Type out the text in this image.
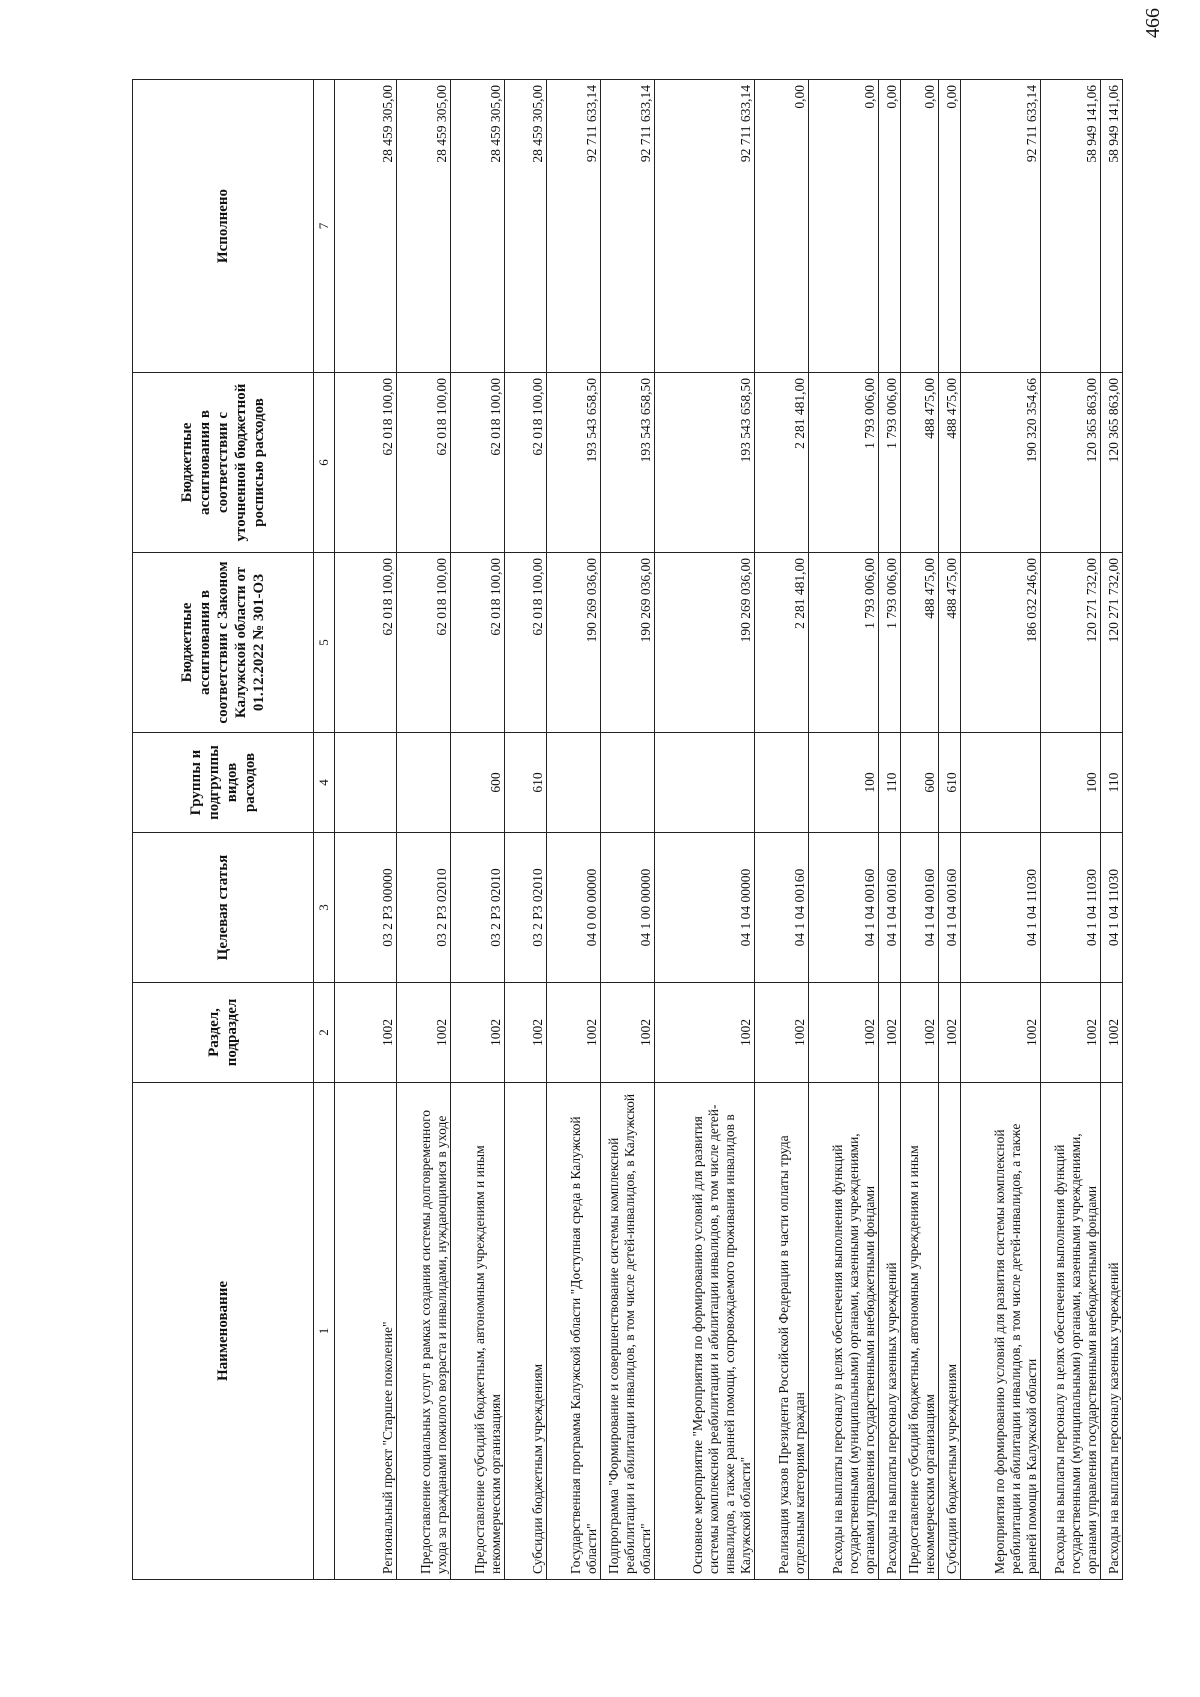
Наименование	Раздел, подраздел	Целевая статья	Группы и подгруппы видов расходов	Бюджетные ассигнования в соответствии с Законом Калужской области от 01.12.2022 № 301-ОЗ	Бюджетные ассигнования в соответствии с уточненной бюджетной росписью расходов	Исполнено
1	2	3	4	5	6	7
Региональный проект "Старшее поколение"	1002	03 2 P3 00000		62 018 100,00	62 018 100,00	28 459 305,00
Предоставление социальных услуг в рамках создания системы долговременного ухода за гражданами пожилого возраста и инвалидами, нуждающимися в уходе	1002	03 2 P3 02010		62 018 100,00	62 018 100,00	28 459 305,00
Предоставление субсидий бюджетным, автономным учреждениям и иным некоммерческим организациям	1002	03 2 P3 02010	600	62 018 100,00	62 018 100,00	28 459 305,00
Субсидии бюджетным учреждениям	1002	03 2 P3 02010	610	62 018 100,00	62 018 100,00	28 459 305,00
Государственная программа Калужской области "Доступная среда в Калужской области"	1002	04 0 00 00000		190 269 036,00	193 543 658,50	92 711 633,14
Подпрограмма "Формирование и совершенствование системы комплексной реабилитации и абилитации инвалидов, в том числе детей-инвалидов, в Калужской области"	1002	04 1 00 00000		190 269 036,00	193 543 658,50	92 711 633,14
Основное мероприятие "Мероприятия по формированию условий для развития системы комплексной реабилитации и абилитации инвалидов, в том числе детей-инвалидов, а также ранней помощи, сопровождаемого проживания инвалидов в Калужской области"	1002	04 1 04 00000		190 269 036,00	193 543 658,50	92 711 633,14
Реализация указов Президента Российской Федерации в части оплаты труда отдельным категориям граждан	1002	04 1 04 00160		2 281 481,00	2 281 481,00	0,00
Расходы на выплаты персоналу в целях обеспечения выполнения функций государственными (муниципальными) органами, казенными учреждениями, органами управления государственными внебюджетными фондами	1002	04 1 04 00160	100	1 793 006,00	1 793 006,00	0,00
Расходы на выплаты персоналу казенных учреждений	1002	04 1 04 00160	110	1 793 006,00	1 793 006,00	0,00
Предоставление субсидий бюджетным, автономным учреждениям и иным некоммерческим организациям	1002	04 1 04 00160	600	488 475,00	488 475,00	0,00
Субсидии бюджетным учреждениям	1002	04 1 04 00160	610	488 475,00	488 475,00	0,00
Мероприятия по формированию условий для развития системы комплексной реабилитации и абилитации инвалидов, в том числе детей-инвалидов, а также ранней помощи в Калужской области	1002	04 1 04 11030		186 032 246,00	190 320 354,66	92 711 633,14
Расходы на выплаты персоналу в целях обеспечения выполнения функций государственными (муниципальными) органами, казенными учреждениями, органами управления государственными внебюджетными фондами	1002	04 1 04 11030	100	120 271 732,00	120 365 863,00	58 949 141,06
Расходы на выплаты персоналу казенных учреждений	1002	04 1 04 11030	110	120 271 732,00	120 365 863,00	58 949 141,06
466
